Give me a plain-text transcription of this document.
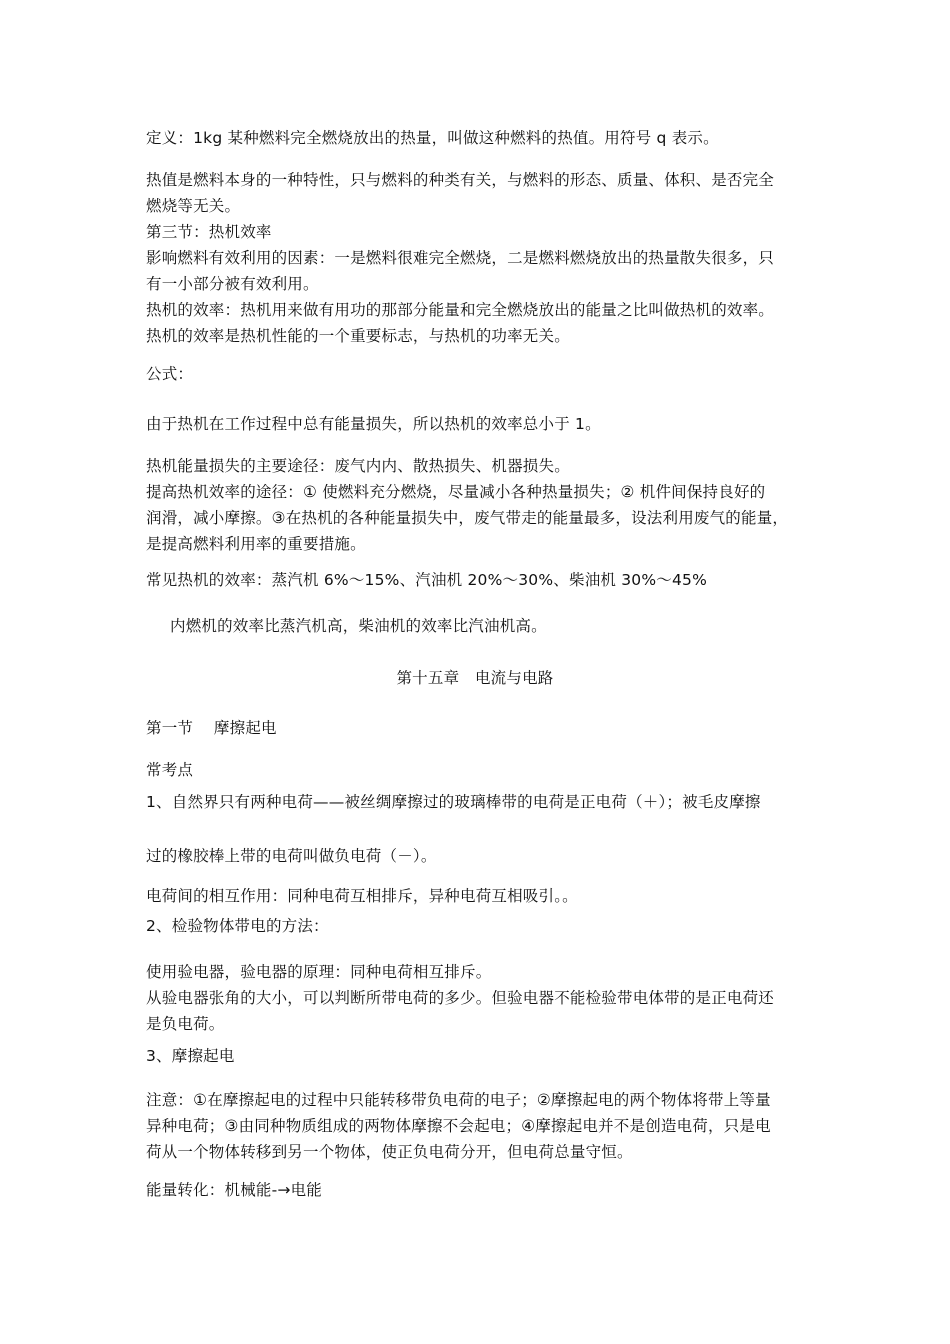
定义：1kg 某种燃料完全燃烧放出的热量，叫做这种燃料的热值。用符号 q 表示。

热值是燃料本身的一种特性，只与燃料的种类有关，与燃料的形态、质量、体积、是否完全

燃烧等无关。

第三节：热机效率

影响燃料有效利用的因素：一是燃料很难完全燃烧，二是燃料燃烧放出的热量散失很多，只

有一小部分被有效利用。

热机的效率：热机用来做有用功的那部分能量和完全燃烧放出的能量之比叫做热机的效率。

热机的效率是热机性能的一个重要标志，与热机的功率无关。

公式：

由于热机在工作过程中总有能量损失，所以热机的效率总小于 1。

热机能量损失的主要途径：废气内内、散热损失、机器损失。

提高热机效率的途径：① 使燃料充分燃烧，尽量减小各种热量损失；② 机件间保持良好的

润滑，减小摩擦。③在热机的各种能量损失中，废气带走的能量最多，设法利用废气的能量，

是提高燃料利用率的重要措施。

常见热机的效率：蒸汽机 6%～15%、汽油机 20%～30%、柴油机 30%～45%

内燃机的效率比蒸汽机高，柴油机的效率比汽油机高。

第十五章　电流与电路

第一节　 摩擦起电

常考点

1、自然界只有两种电荷——被丝绸摩擦过的玻璃棒带的电荷是正电荷（＋）；被毛皮摩擦

过的橡胶棒上带的电荷叫做负电荷（－）。

电荷间的相互作用：同种电荷互相排斥，异种电荷互相吸引。。

2、检验物体带电的方法：

使用验电器，验电器的原理：同种电荷相互排斥。

从验电器张角的大小，可以判断所带电荷的多少。但验电器不能检验带电体带的是正电荷还

是负电荷。

3、摩擦起电

注意：①在摩擦起电的过程中只能转移带负电荷的电子；②摩擦起电的两个物体将带上等量

异种电荷；③由同种物质组成的两物体摩擦不会起电；④摩擦起电并不是创造电荷，只是电

荷从一个物体转移到另一个物体，使正负电荷分开，但电荷总量守恒。

能量转化：机械能-→电能
